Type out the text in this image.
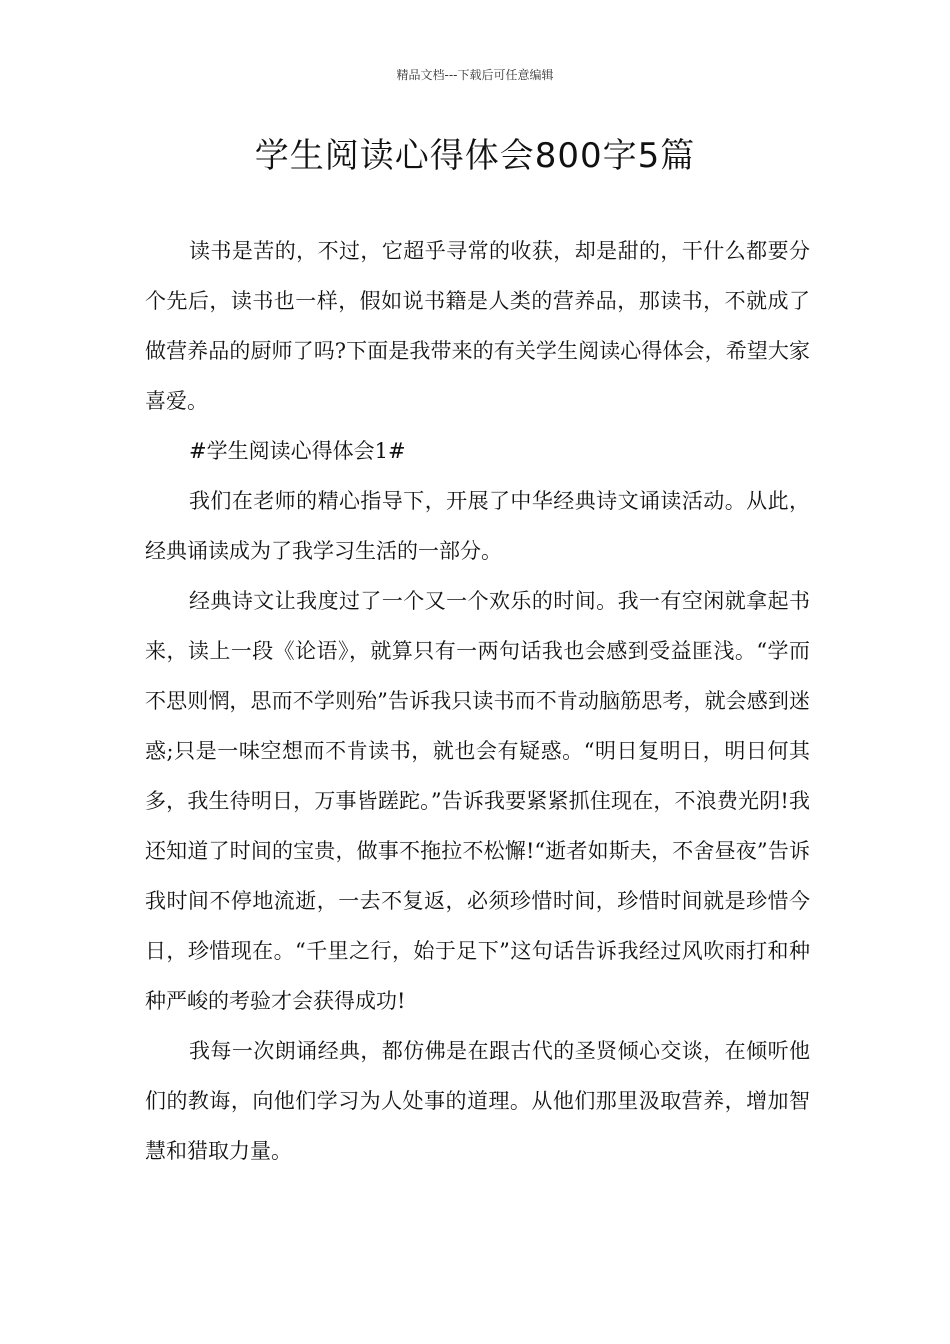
精品文档---下载后可任意编辑
学生阅读心得体会800字5篇

读书是苦的，不过，它超乎寻常的收获，却是甜的，干什么都要分个先后，读书也一样，假如说书籍是人类的营养品，那读书，不就成了做营养品的厨师了吗?下面是我带来的有关学生阅读心得体会，希望大家喜爱。

#学生阅读心得体会1#

我们在老师的精心指导下，开展了中华经典诗文诵读活动。从此，经典诵读成为了我学习生活的一部分。

经典诗文让我度过了一个又一个欢乐的时间。我一有空闲就拿起书来，读上一段《论语》，就算只有一两句话我也会感到受益匪浅。“学而不思则惘，思而不学则殆”告诉我只读书而不肯动脑筋思考，就会感到迷惑;只是一味空想而不肯读书，就也会有疑惑。“明日复明日，明日何其多，我生待明日，万事皆蹉跎。”告诉我要紧紧抓住现在，不浪费光阴!我还知道了时间的宝贵，做事不拖拉不松懈!“逝者如斯夫，不舍昼夜”告诉我时间不停地流逝，一去不复返，必须珍惜时间，珍惜时间就是珍惜今日，珍惜现在。“千里之行，始于足下”这句话告诉我经过风吹雨打和种种严峻的考验才会获得成功!

我每一次朗诵经典，都仿佛是在跟古代的圣贤倾心交谈，在倾听他们的教诲，向他们学习为人处事的道理。从他们那里汲取营养，增加智慧和猎取力量。
